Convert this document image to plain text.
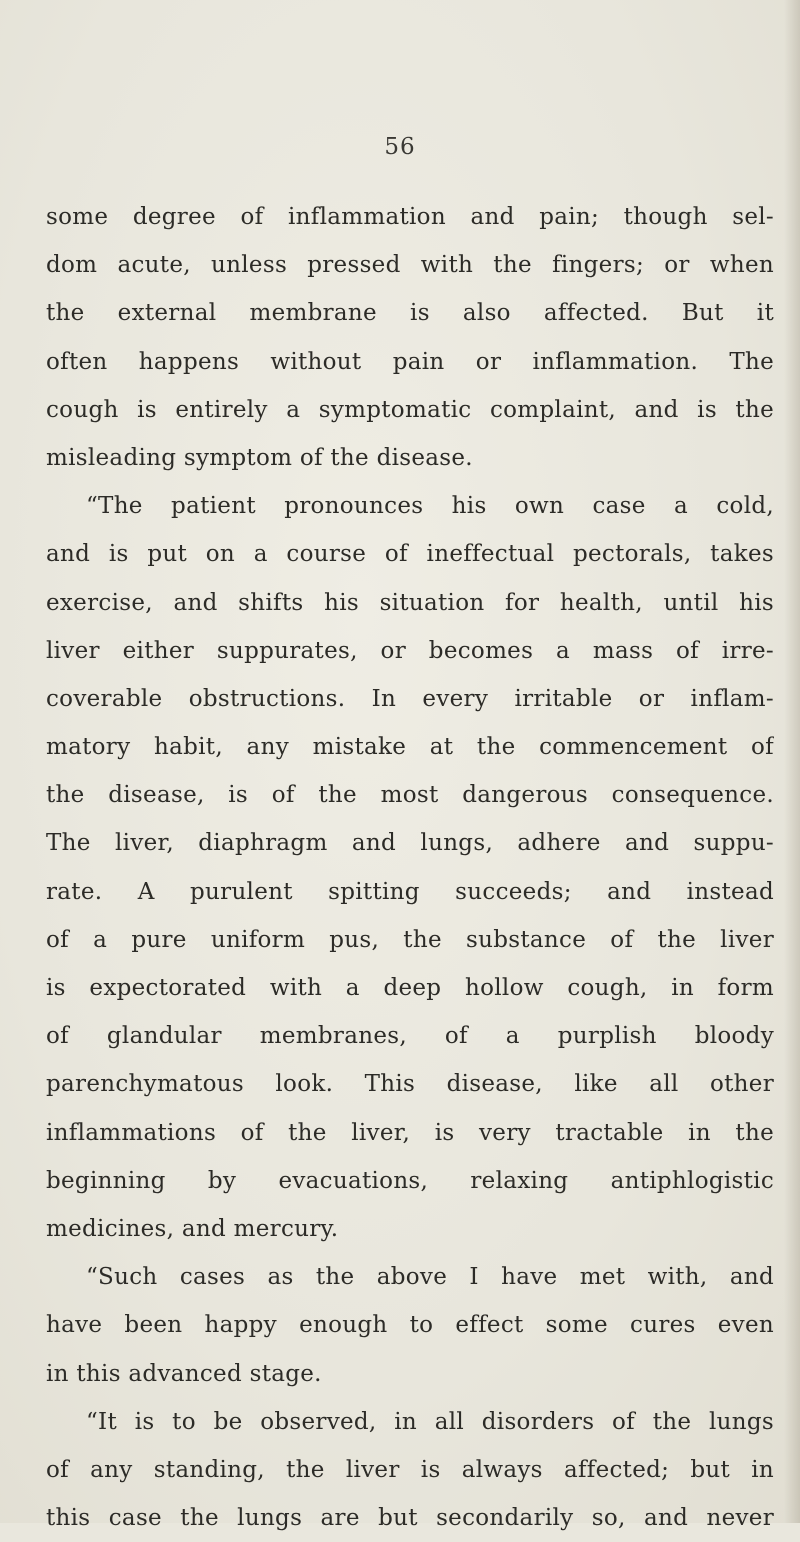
56
some degree of inflammation and pain; though sel-
dom acute, unless pressed with the fingers; or when
the external membrane is also affected. But it
often happens without pain or inflammation. The
cough is entirely a symptomatic complaint, and is the
misleading symptom of the disease.
“The patient pronounces his own case a cold,
and is put on a course of ineffectual pectorals, takes
exercise, and shifts his situation for health, until his
liver either suppurates, or becomes a mass of irre-
coverable obstructions. In every irritable or inflam-
matory habit, any mistake at the commencement of
the disease, is of the most dangerous consequence.
The liver, diaphragm and lungs, adhere and suppu-
rate. A purulent spitting succeeds; and instead
of a pure uniform pus, the substance of the liver
is expectorated with a deep hollow cough, in form
of glandular membranes, of a purplish bloody
parenchymatous look. This disease, like all other
inflammations of the liver, is very tractable in the
beginning by evacuations, relaxing antiphlogistic
medicines, and mercury.
“Such cases as the above I have met with, and
have been happy enough to effect some cures even
in this advanced stage.
“It is to be observed, in all disorders of the lungs
of any standing, the liver is always affected; but in
this case the lungs are but secondarily so, and never
